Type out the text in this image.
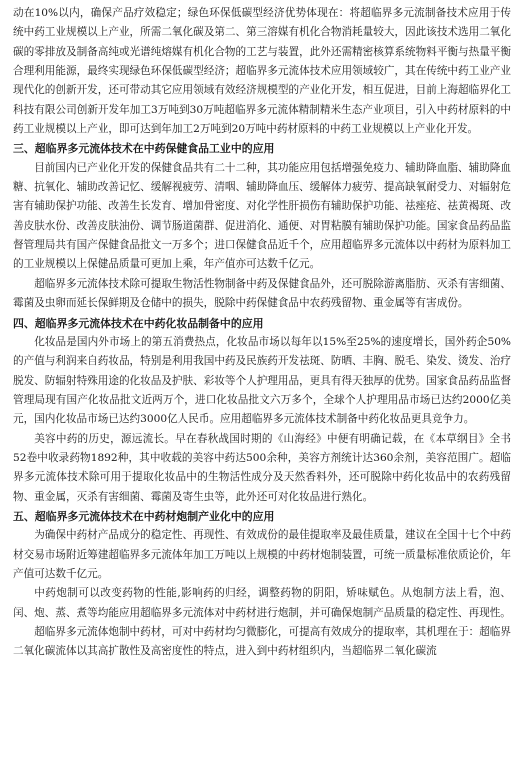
动在10%以内，确保产品疗效稳定；绿色环保低碳型经济优势体现在：将超临界多元流制备技术应用于传统中药工业规模以上产业，所需二氧化碳及第二、第三溶媒有机化合物消耗量较大，因此该技术选用二氧化碳的零排放及制备高纯或光谱纯熔媒有机化合物的工艺与装置，此外还需精密核算系统物料平衡与热量平衡合理利用能源，最终实现绿色环保低碳型经济；超临界多元流体技术应用领域较广，其在传统中药工业产业现代化的创新开发，还可带动其它应用领域有效经济规模型的产业化开发，相互促进，目前上海超临界化工科技有限公司创新开发年加工3万吨到30万吨超临界多元流体精制精米生态产业项目，引入中药材原料的中药工业规模以上产业，即可达到年加工2万吨到20万吨中药材原料的中药工业规模以上产业化开发。

三、超临界多元流体技术在中药保健食品工业中的应用

目前国内已产业化开发的保健食品共有二十二种，其功能应用包括增强免疫力、辅助降血脂、辅助降血糖、抗氧化、辅助改善记忆、缓解视疲劳、清咽、辅助降血压、缓解体力疲劳、提高缺氧耐受力、对辐射危害有辅助保护功能、改善生长发育、增加骨密度、对化学性肝损伤有辅助保护功能、祛痤疮、祛黄褐斑、改善皮肤水份、改善皮肤油份、调节肠道菌群、促进消化、通便、对胃粘膜有辅助保护功能。国家食品药品监督管理局共有国产保健食品批文一万多个；进口保健食品近千个，应用超临界多元流体以中药材为原料加工的工业规模以上保健品质量可更加上乘，年产值亦可达数千亿元。

超临界多元流体技术除可提取生物活性物制备中药及保健食品外，还可脱除游离脂肪、灭杀有害细菌、霉菌及虫卵而延长保鲜期及仓储中的损失，脱除中药保健食品中农药残留物、重金属等有害成份。

四、超临界多元流体技术在中药化妆品制备中的应用

化妆品是国内外市场上的第五消费热点，化妆品市场以每年以15%至25%的速度增长，国外药企50%的产值与利润来自药妆品，特别是利用我国中药及民族药开发祛斑、防晒、丰胸、脱毛、染发、烫发、治疗脱发、防辐射特殊用途的化妆品及护肤、彩妆等个人护理用品，更具有得天独厚的优势。国家食品药品监督管理局现有国产化妆品批文近两万个，进口化妆品批文六万多个，全球个人护理用品市场已达约2000亿美元，国内化妆品市场已达约3000亿人民币。应用超临界多元流体技术制备中药化妆品更具竞争力。

美容中药的历史，源远流长。早在春秋战国时期的《山海经》中便有明确记载，在《本草纲目》全书52卷中收录药物1892种，其中收载的美容中药达500余种，美容方剂统计达360余剂，美容范围广。超临界多元流体技术除可用于提取化妆品中的生物活性成分及天然香料外，还可脱除中药化妆品中的农药残留物、重金属，灭杀有害细菌、霉菌及寄生虫等，此外还可对化妆品进行熟化。

五、超临界多元流体技术在中药材炮制产业化中的应用

为确保中药材产品成分的稳定性、再现性、有效成份的最佳提取率及最佳质量，建议在全国十七个中药材交易市场附近筹建超临界多元流体年加工万吨以上规模的中药材炮制装置，可统一质量标准依质论价，年产值可达数千亿元。

中药炮制可以改变药物的性能,影响药的归经，调整药物的阴阳，矫味赋色。从炮制方法上看，泡、闰、炮、蒸、煮等均能应用超临界多元流体对中药材进行炮制，并可确保炮制产品质量的稳定性、再现性。

超临界多元流体炮制中药材，可对中药材均匀微膨化，可提高有效成分的提取率，其机理在于：超临界二氧化碳流体以其高扩散性及高密度性的特点，进入到中药材组织内，当超临界二氧化碳流
